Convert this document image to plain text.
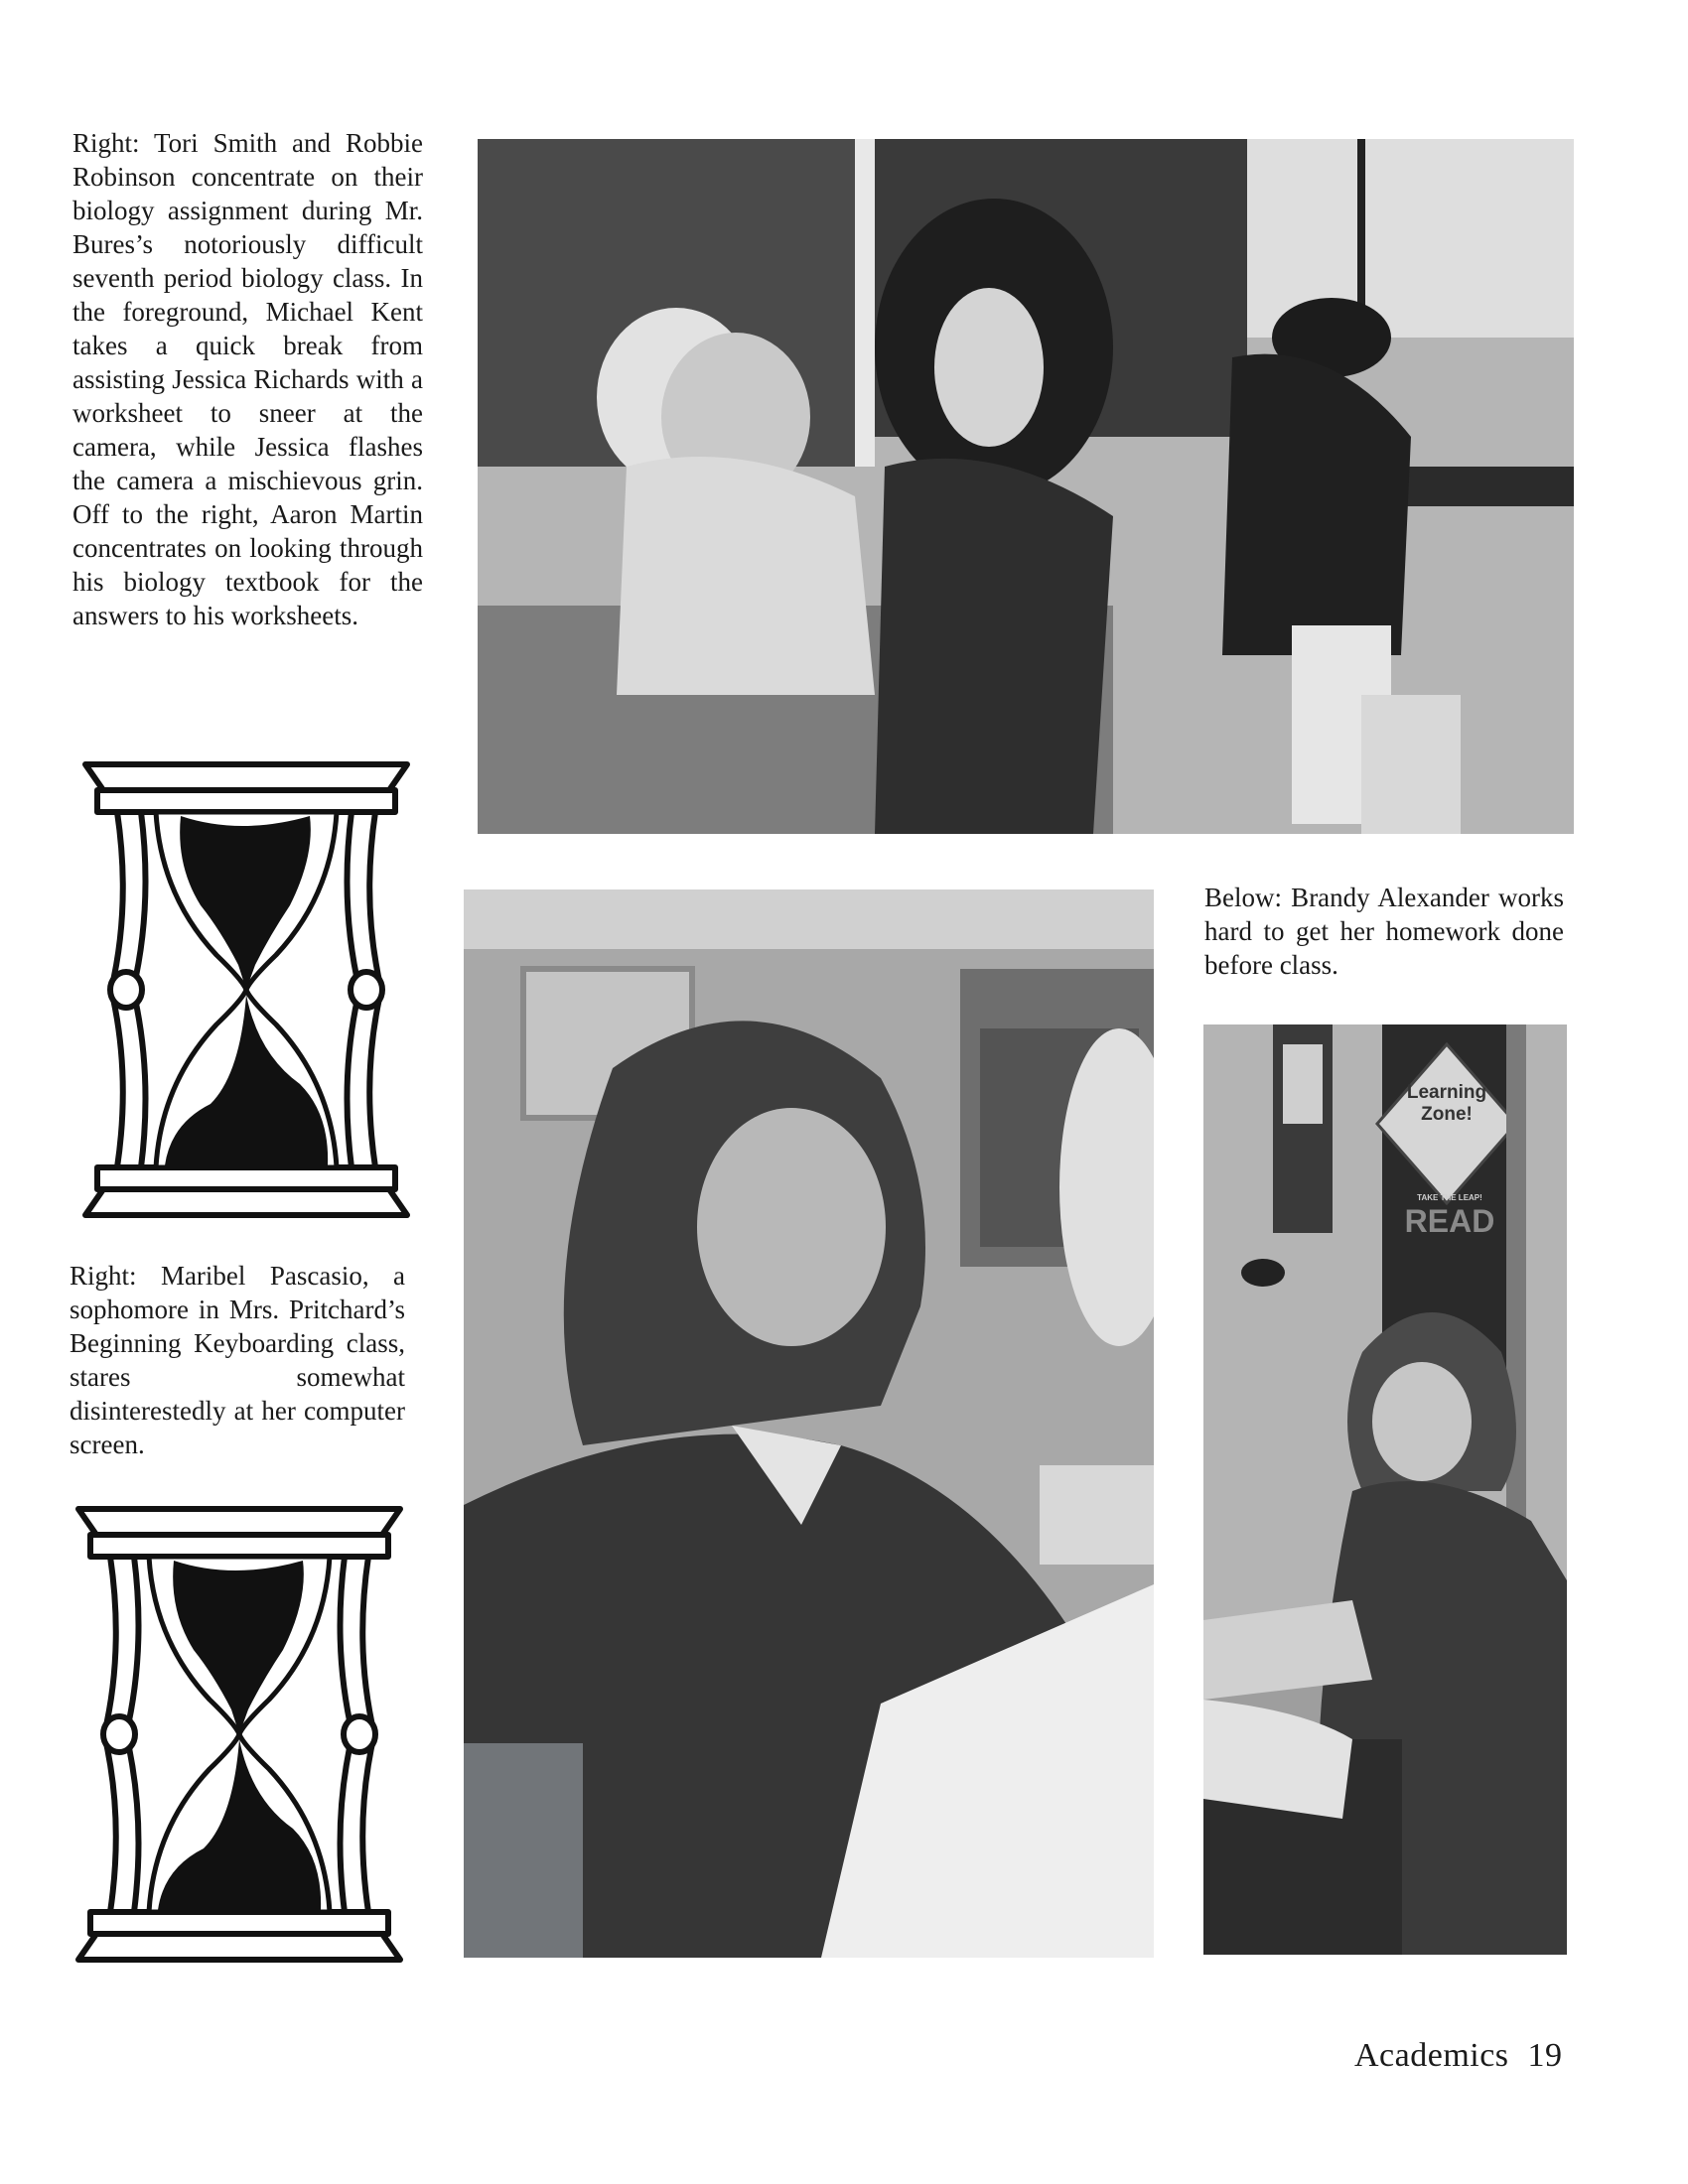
Right: Tori Smith and Robbie Robinson concentrate on their biology assignment during Mr. Bures’s notoriously difficult seventh period biology class. In the foreground, Michael Kent takes a quick break from assisting Jessica Richards with a worksheet to sneer at the camera, while Jessica flashes the camera a mischievous grin. Off to the right, Aaron Martin concentrates on looking through his biology textbook for the answers to his worksheets.
Right: Maribel Pascasio, a sophomore in Mrs. Pritchard’s Beginning Keyboarding class, stares somewhat disinterestedly at her computer screen.
Below: Brandy Alexander works hard to get her homework done before class.
Learning
Zone!
TAKE THE LEAP!
READ
Academics 19
